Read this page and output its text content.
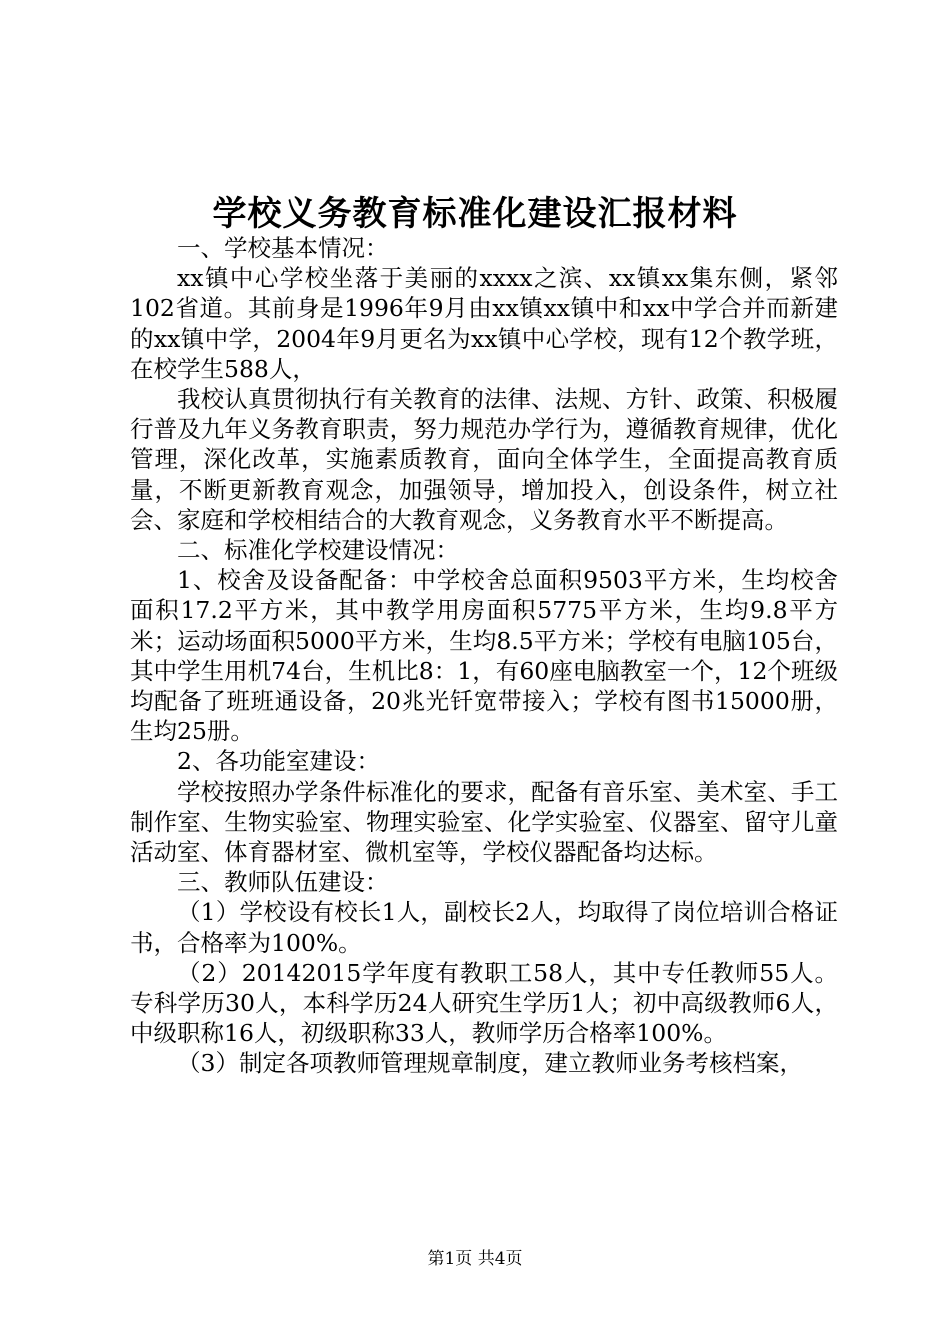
学校义务教育标准化建设汇报材料

一、学校基本情况：

xx镇中心学校坐落于美丽的xxxx之滨、xx镇xx集东侧，紧邻102省道。其前身是1996年9月由xx镇xx镇中和xx中学合并而新建的xx镇中学，2004年9月更名为xx镇中心学校，现有12个教学班，在校学生588人，

我校认真贯彻执行有关教育的法律、法规、方针、政策、积极履行普及九年义务教育职责，努力规范办学行为，遵循教育规律，优化管理，深化改革，实施素质教育，面向全体学生，全面提高教育质量，不断更新教育观念，加强领导，增加投入，创设条件，树立社会、家庭和学校相结合的大教育观念，义务教育水平不断提高。

二、标准化学校建设情况：

1、校舍及设备配备：中学校舍总面积9503平方米，生均校舍面积17.2平方米，其中教学用房面积5775平方米，生均9.8平方米；运动场面积5000平方米，生均8.5平方米；学校有电脑105台，其中学生用机74台，生机比8：1，有60座电脑教室一个，12个班级均配备了班班通设备，20兆光钎宽带接入；学校有图书15000册，生均25册。

2、各功能室建设：

学校按照办学条件标准化的要求，配备有音乐室、美术室、手工制作室、生物实验室、物理实验室、化学实验室、仪器室、留守儿童活动室、体育器材室、微机室等，学校仪器配备均达标。

三、教师队伍建设：

（1）学校设有校长1人，副校长2人，均取得了岗位培训合格证书，合格率为100%。

（2）20142015学年度有教职工58人，其中专任教师55人。专科学历30人，本科学历24人研究生学历1人；初中高级教师6人，中级职称16人，初级职称33人，教师学历合格率100%。

（3）制定各项教师管理规章制度，建立教师业务考核档案，

第1页 共4页
